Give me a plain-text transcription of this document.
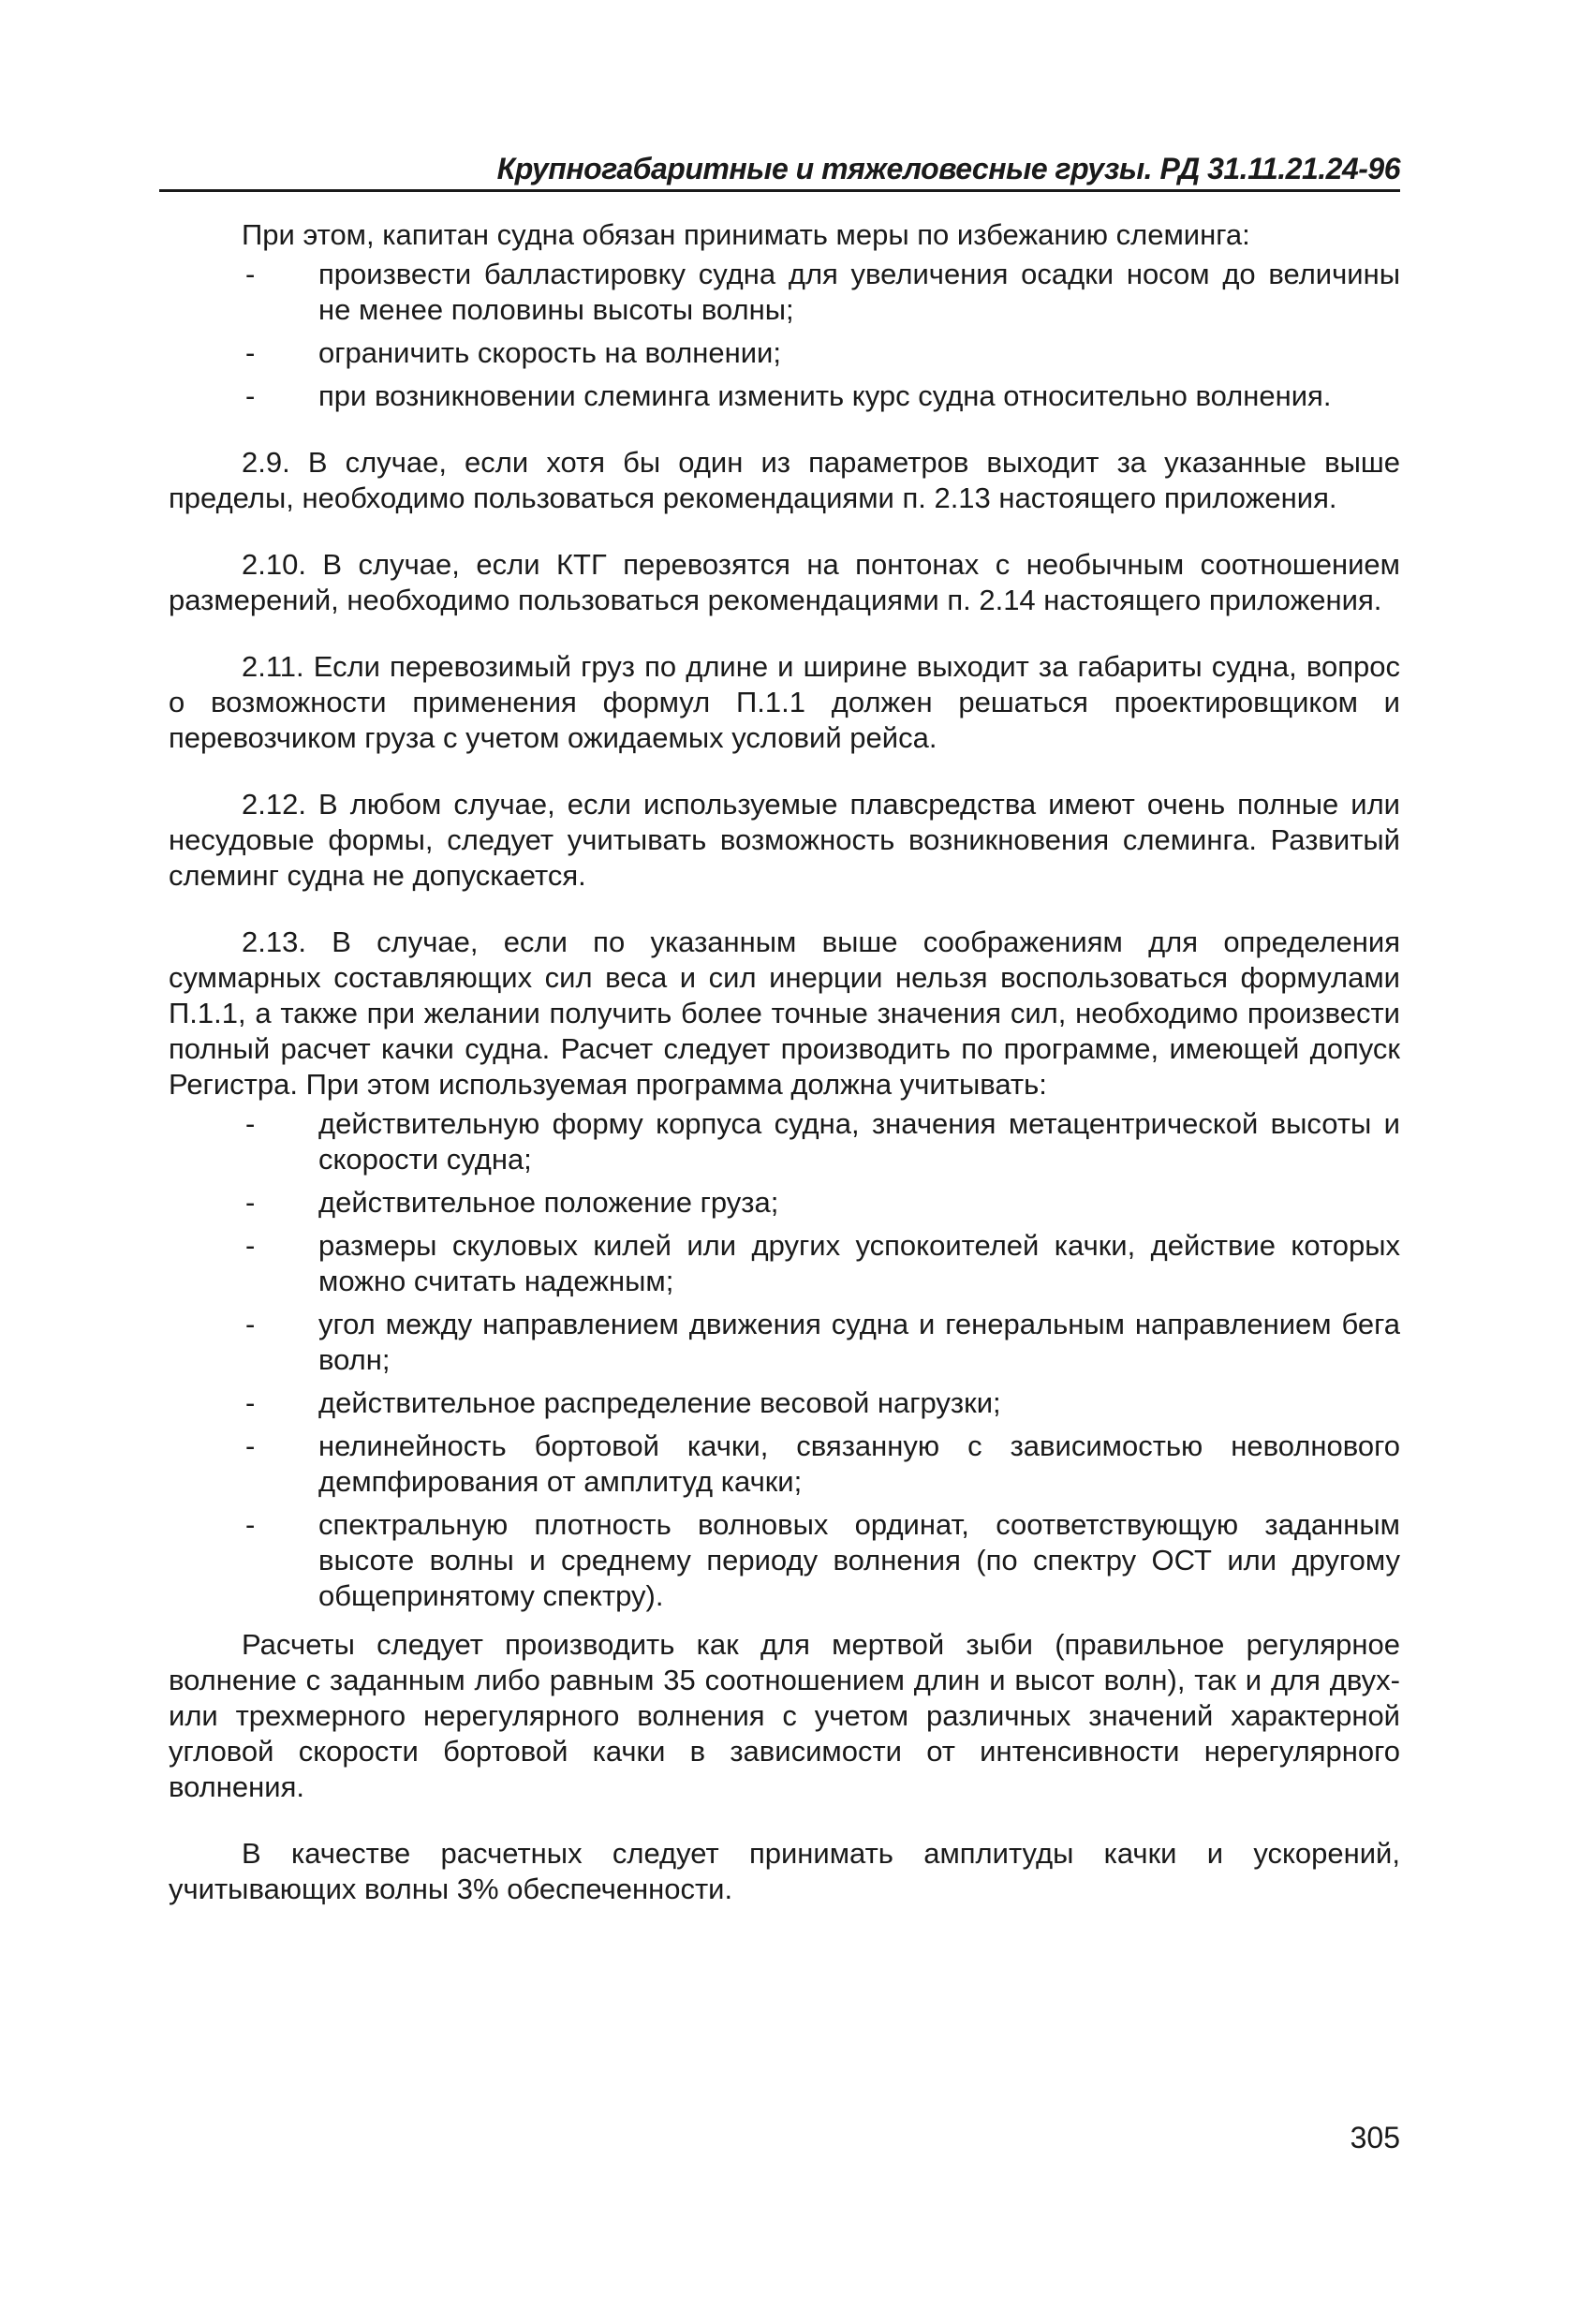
Крупногабаритные и тяжеловесные грузы. РД 31.11.21.24-96

При этом, капитан судна обязан принимать меры по избежанию слеминга:

- произвести балластировку судна для увеличения осадки носом до величины не менее половины высоты волны;
- ограничить скорость на волнении;
- при возникновении слеминга изменить курс судна относительно волнения.

2.9. В случае, если хотя бы один из параметров выходит за указанные выше пределы, необходимо пользоваться рекомендациями п. 2.13 настоящего приложения.

2.10. В случае, если КТГ перевозятся на понтонах с необычным соотношением размерений, необходимо пользоваться рекомендациями п. 2.14 настоящего приложения.

2.11. Если перевозимый груз по длине и ширине выходит за габариты судна, вопрос о возможности применения формул П.1.1 должен решаться проектировщиком и перевозчиком груза с учетом ожидаемых условий рейса.

2.12. В любом случае, если используемые плавсредства имеют очень полные или несудовые формы, следует учитывать возможность возникновения слеминга. Развитый слеминг судна не допускается.

2.13. В случае, если по указанным выше соображениям для определения суммарных составляющих сил веса и сил инерции нельзя воспользоваться формулами П.1.1, а также при желании получить более точные значения сил, необходимо произвести полный расчет качки судна. Расчет следует производить по программе, имеющей допуск Регистра. При этом используемая программа должна учитывать:

- действительную форму корпуса судна, значения метацентрической высоты и скорости судна;
- действительное положение груза;
- размеры скуловых килей или других успокоителей качки, действие которых можно считать надежным;
- угол между направлением движения судна и генеральным направлением бега волн;
- действительное распределение весовой нагрузки;
- нелинейность бортовой качки, связанную с зависимостью неволнового демпфирования от амплитуд качки;
- спектральную плотность волновых ординат, соответствующую заданным высоте волны и среднему периоду волнения (по спектру ОСТ или другому общепринятому спектру).

Расчеты следует производить как для мертвой зыби (правильное регулярное волнение с заданным либо равным 35 соотношением длин и высот волн), так и для двух- или трехмерного нерегулярного волнения с учетом различных значений характерной угловой скорости бортовой качки в зависимости от интенсивности нерегулярного волнения.

В качестве расчетных следует принимать амплитуды качки и ускорений, учитывающих волны 3% обеспеченности.

305
